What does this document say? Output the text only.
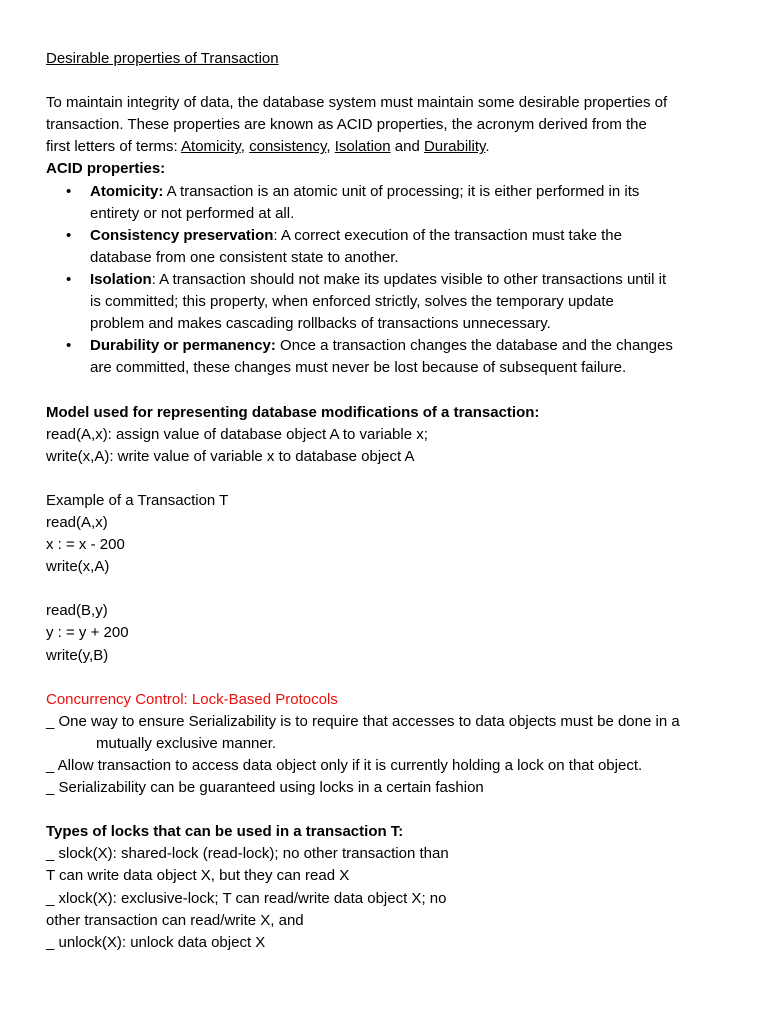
Desirable properties of Transaction
To maintain integrity of data, the database system must maintain some desirable properties of
transaction. These properties are known as ACID properties, the acronym derived from the
first letters of terms: Atomicity, consistency, Isolation and Durability.
ACID properties:
• Atomicity: A transaction is an atomic unit of processing; it is either performed in its
entirety or not performed at all.
• Consistency preservation: A correct execution of the transaction must take the
database from one consistent state to another.
• Isolation: A transaction should not make its updates visible to other transactions until it
is committed; this property, when enforced strictly, solves the temporary update
problem and makes cascading rollbacks of transactions unnecessary.
• Durability or permanency: Once a transaction changes the database and the changes
are committed, these changes must never be lost because of subsequent failure.
Model used for representing database modifications of a transaction:
read(A,x): assign value of database object A to variable x;
write(x,A): write value of variable x to database object A
Example of a Transaction T
read(A,x)
x : = x - 200
write(x,A)
read(B,y)
y : = y + 200
write(y,B)
Concurrency Control: Lock-Based Protocols
_ One way to ensure Serializability is to require that accesses to data objects must be done in a
mutually exclusive manner.
_ Allow transaction to access data object only if it is currently holding a lock on that object.
_ Serializability can be guaranteed using locks in a certain fashion
Types of locks that can be used in a transaction T:
_ slock(X): shared-lock (read-lock); no other transaction than
T can write data object X, but they can read X
_ xlock(X): exclusive-lock; T can read/write data object X; no
other transaction can read/write X, and
_ unlock(X): unlock data object X
